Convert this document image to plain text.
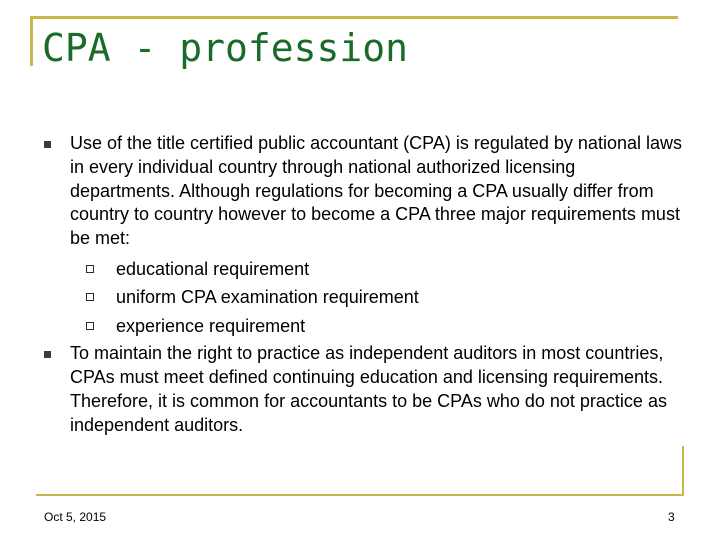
CPA - profession
Use of the title certified public accountant (CPA) is regulated by national laws in every individual country through national authorized licensing departments. Although regulations for becoming a CPA usually differ from country to country however to become a CPA three major requirements must be met:
educational requirement
uniform CPA examination requirement
experience requirement
To maintain the right to practice as independent auditors in most countries, CPAs must meet defined continuing education and licensing requirements. Therefore, it is common for accountants to be CPAs who do not practice as independent auditors.
Oct 5, 2015	3
